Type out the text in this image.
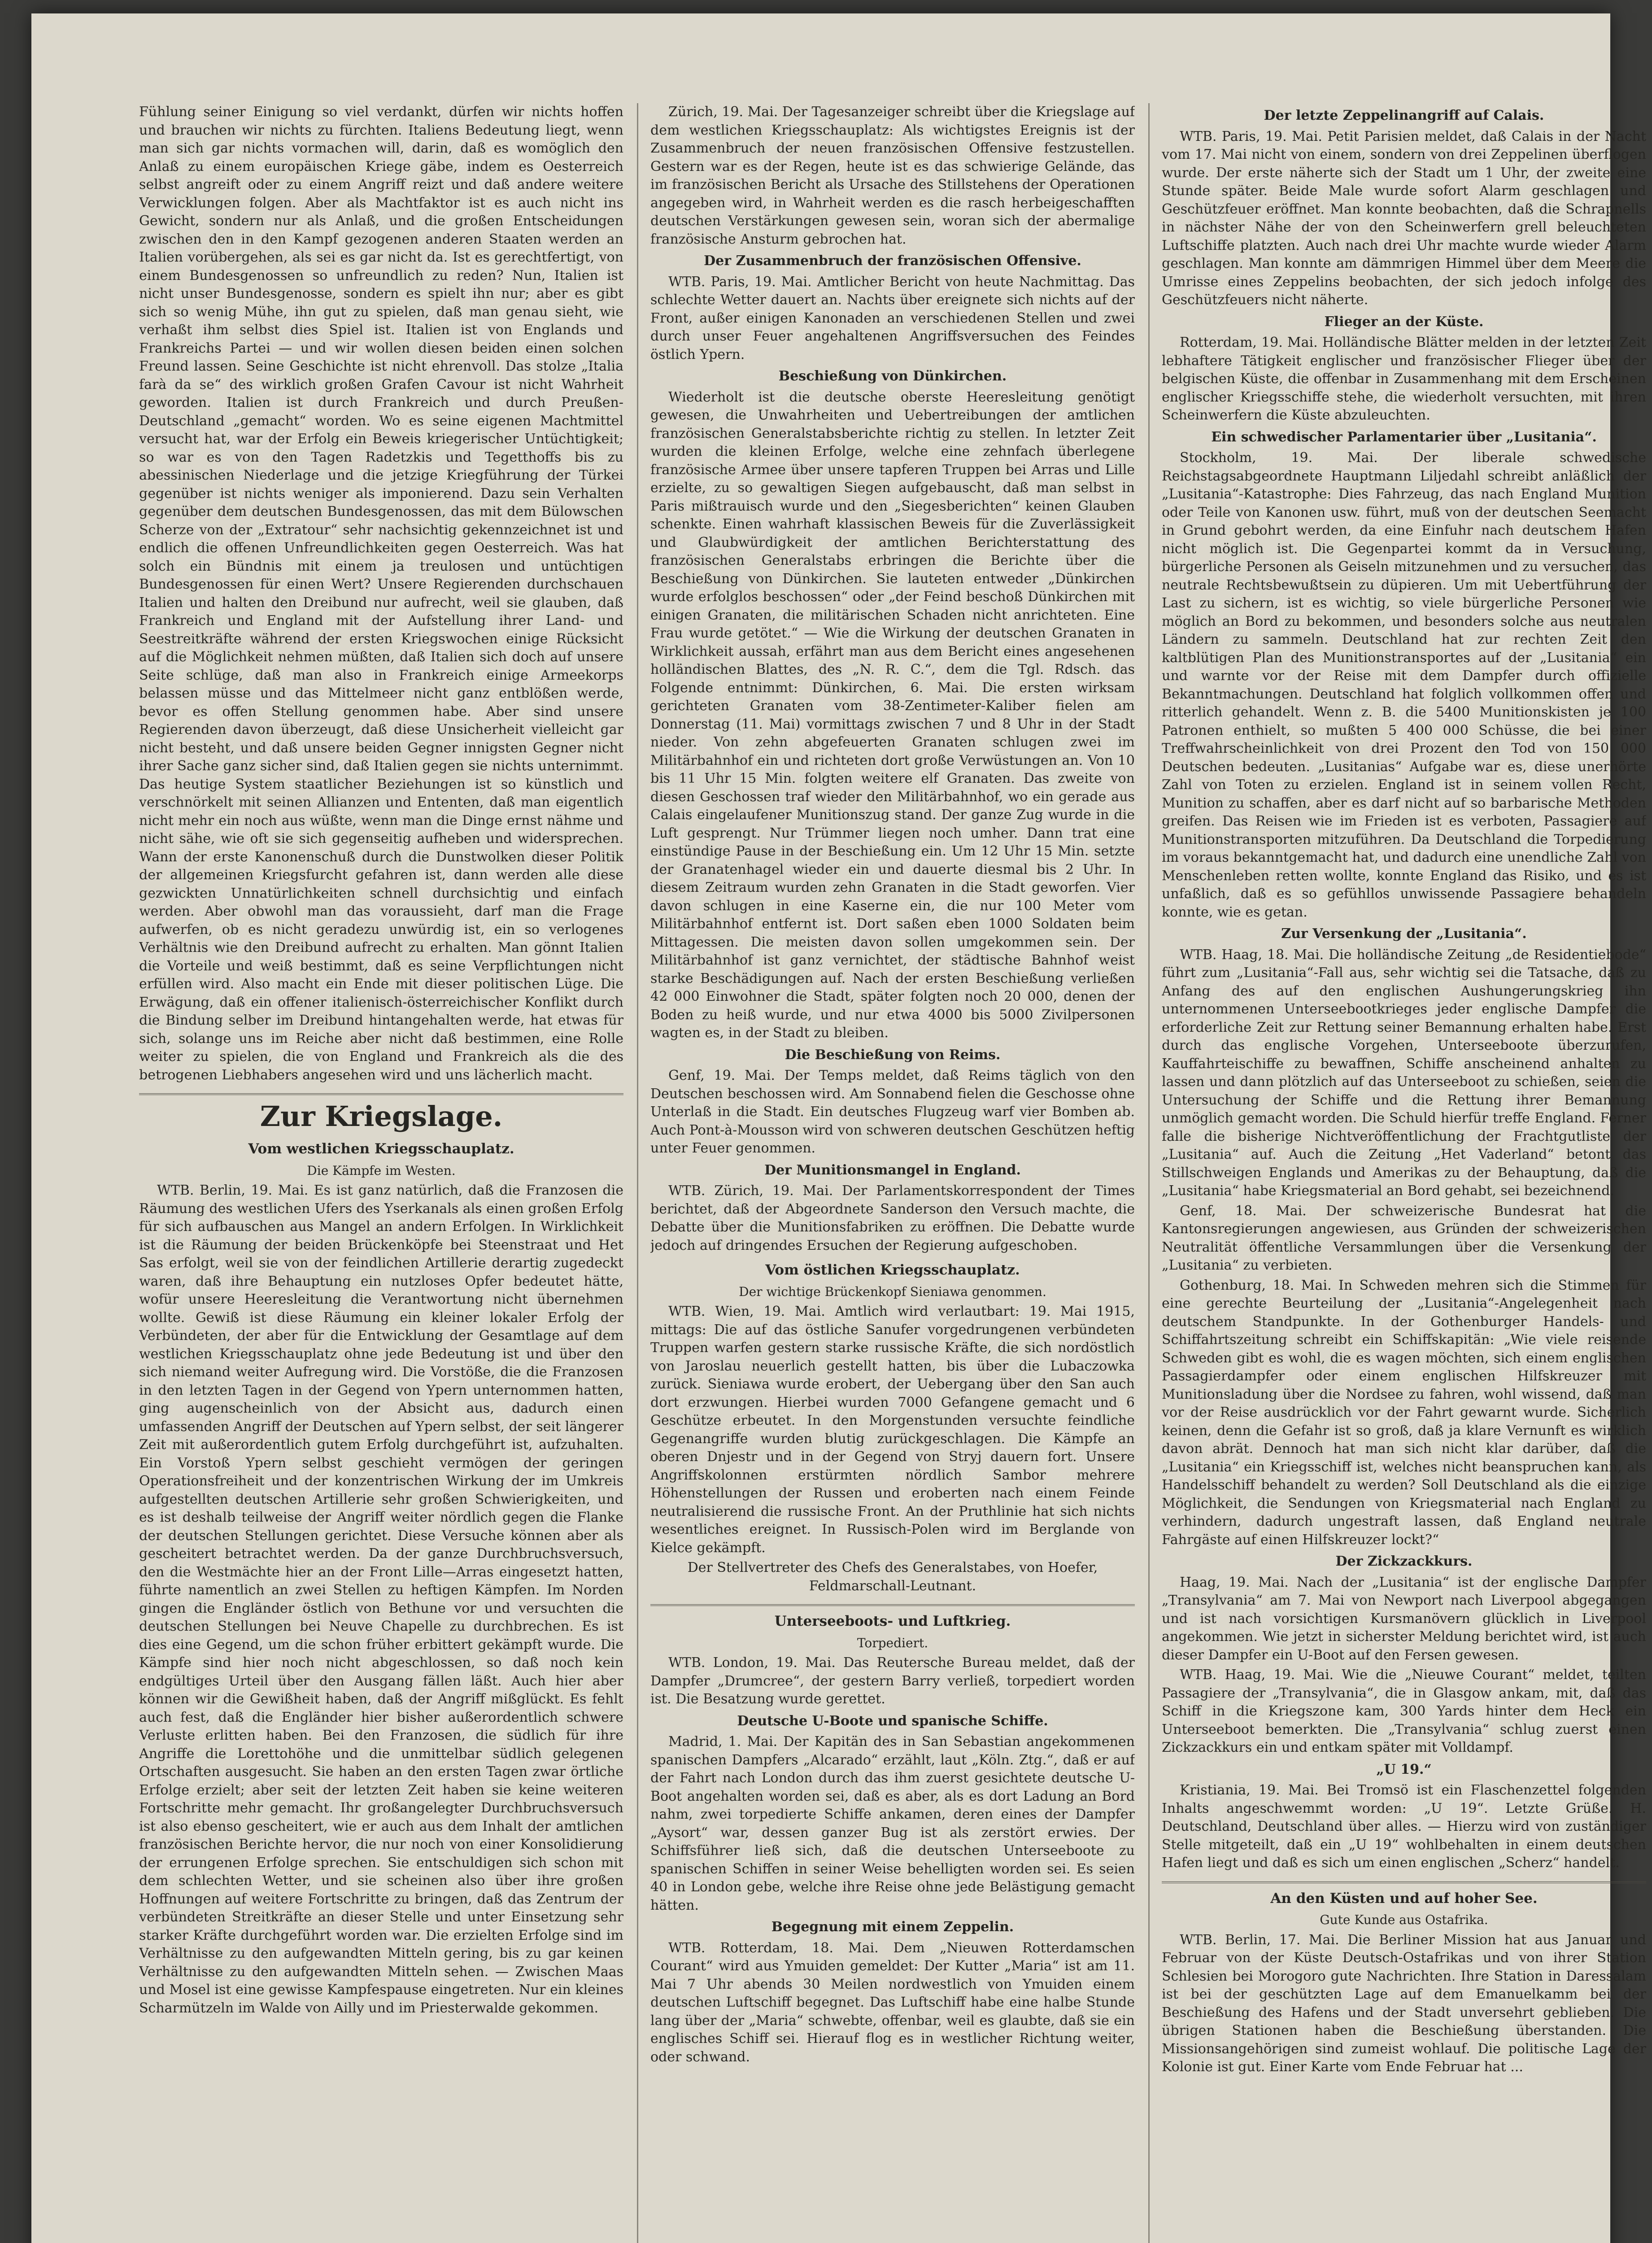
Fühlung seiner Einigung so viel verdankt, dürfen wir nichts hoffen und brauchen wir nichts zu fürchten. Italiens Bedeutung liegt, wenn man sich gar nichts vormachen will, darin, daß es womöglich den Anlaß zu einem europäischen Kriege gäbe, indem es Oesterreich selbst angreift oder zu einem Angriff reizt und daß andere weitere Verwicklungen folgen. Aber als Machtfaktor ist es auch nicht ins Gewicht, sondern nur als Anlaß, und die großen Entscheidungen zwischen den in den Kampf gezogenen anderen Staaten werden an Italien vorübergehen, als sei es gar nicht da. Ist es gerechtfertigt, von einem Bundesgenossen so unfreundlich zu reden? Nun, Italien ist nicht unser Bundesgenosse, sondern es spielt ihn nur; aber es gibt sich so wenig Mühe, ihn gut zu spielen, daß man genau sieht, wie verhaßt ihm selbst dies Spiel ist. Italien ist von Englands und Frankreichs Partei — und wir wollen diesen beiden einen solchen Freund lassen. Seine Geschichte ist nicht ehrenvoll. Das stolze „Italia farà da se“ des wirklich großen Grafen Cavour ist nicht Wahrheit geworden. Italien ist durch Frankreich und durch Preußen-Deutschland „gemacht“ worden. Wo es seine eigenen Machtmittel versucht hat, war der Erfolg ein Beweis kriegerischer Untüchtigkeit; so war es von den Tagen Radetzkis und Tegetthoffs bis zu abessinischen Niederlage und die jetzige Kriegführung der Türkei gegenüber ist nichts weniger als imponierend. Dazu sein Verhalten gegenüber dem deutschen Bundesgenossen, das mit dem Bülowschen Scherze von der „Extratour“ sehr nachsichtig gekennzeichnet ist und endlich die offenen Unfreundlichkeiten gegen Oesterreich. Was hat solch ein Bündnis mit einem ja treulosen und untüchtigen Bundesgenossen für einen Wert? Unsere Regierenden durchschauen Italien und halten den Dreibund nur aufrecht, weil sie glauben, daß Frankreich und England mit der Aufstellung ihrer Land- und Seestreitkräfte während der ersten Kriegswochen einige Rücksicht auf die Möglichkeit nehmen müßten, daß Italien sich doch auf unsere Seite schlüge, daß man also in Frankreich einige Armeekorps belassen müsse und das Mittelmeer nicht ganz entblößen werde, bevor es offen Stellung genommen habe. Aber sind unsere Regierenden davon überzeugt, daß diese Unsicherheit vielleicht gar nicht besteht, und daß unsere beiden Gegner innigsten Gegner nicht ihrer Sache ganz sicher sind, daß Italien gegen sie nichts unternimmt. Das heutige System staatlicher Beziehungen ist so künstlich und verschnörkelt mit seinen Allianzen und Ententen, daß man eigentlich nicht mehr ein noch aus wüßte, wenn man die Dinge ernst nähme und nicht sähe, wie oft sie sich gegenseitig aufheben und widersprechen. Wann der erste Kanonenschuß durch die Dunstwolken dieser Politik der allgemeinen Kriegsfurcht gefahren ist, dann werden alle diese gezwickten Unnatürlichkeiten schnell durchsichtig und einfach werden. Aber obwohl man das voraussieht, darf man die Frage aufwerfen, ob es nicht geradezu unwürdig ist, ein so verlogenes Verhältnis wie den Dreibund aufrecht zu erhalten. Man gönnt Italien die Vorteile und weiß bestimmt, daß es seine Verpflichtungen nicht erfüllen wird. Also macht ein Ende mit dieser politischen Lüge. Die Erwägung, daß ein offener italienisch-österreichischer Konflikt durch die Bindung selber im Dreibund hintangehalten werde, hat etwas für sich, solange uns im Reiche aber nicht daß bestimmen, eine Rolle weiter zu spielen, die von England und Frankreich als die des betrogenen Liebhabers angesehen wird und uns lächerlich macht.

Zur Kriegslage.
Vom westlichen Kriegsschauplatz.

Die Kämpfe im Westen.

WTB. Berlin, 19. Mai. Es ist ganz natürlich, daß die Franzosen die Räumung des westlichen Ufers des Yserkanals als einen großen Erfolg für sich aufbauschen aus Mangel an andern Erfolgen. In Wirklichkeit ist die Räumung der beiden Brückenköpfe bei Steenstraat und Het Sas erfolgt, weil sie von der feindlichen Artillerie derartig zugedeckt waren, daß ihre Behauptung ein nutzloses Opfer bedeutet hätte, wofür unsere Heeresleitung die Verantwortung nicht übernehmen wollte. Gewiß ist diese Räumung ein kleiner lokaler Erfolg der Verbündeten, der aber für die Entwicklung der Gesamtlage auf dem westlichen Kriegsschauplatz ohne jede Bedeutung ist und über den sich niemand weiter Aufregung wird. Die Vorstöße, die die Franzosen in den letzten Tagen in der Gegend von Ypern unternommen hatten, ging augenscheinlich von der Absicht aus, dadurch einen umfassenden Angriff der Deutschen auf Ypern selbst, der seit längerer Zeit mit außerordentlich gutem Erfolg durchgeführt ist, aufzuhalten. Ein Vorstoß Ypern selbst geschieht vermögen der geringen Operationsfreiheit und der konzentrischen Wirkung der im Umkreis aufgestellten deutschen Artillerie sehr großen Schwierigkeiten, und es ist deshalb teilweise der Angriff weiter nördlich gegen die Flanke der deutschen Stellungen gerichtet. Diese Versuche können aber als gescheitert betrachtet werden. Da der ganze Durchbruchsversuch, den die Westmächte hier an der Front Lille—Arras eingesetzt hatten, führte namentlich an zwei Stellen zu heftigen Kämpfen. Im Norden gingen die Engländer östlich von Bethune vor und versuchten die deutschen Stellungen bei Neuve Chapelle zu durchbrechen. Es ist dies eine Gegend, um die schon früher erbittert gekämpft wurde. Die Kämpfe sind hier noch nicht abgeschlossen, so daß noch kein endgültiges Urteil über den Ausgang fällen läßt. Auch hier aber können wir die Gewißheit haben, daß der Angriff mißglückt. Es fehlt auch fest, daß die Engländer hier bisher außerordentlich schwere Verluste erlitten haben. Bei den Franzosen, die südlich für ihre Angriffe die Lorettohöhe und die unmittelbar südlich gelegenen Ortschaften ausgesucht. Sie haben an den ersten Tagen zwar örtliche Erfolge erzielt; aber seit der letzten Zeit haben sie keine weiteren Fortschritte mehr gemacht. Ihr großangelegter Durchbruchsversuch ist also ebenso gescheitert, wie er auch aus dem Inhalt der amtlichen französischen Berichte hervor, die nur noch von einer Konsolidierung der errungenen Erfolge sprechen. Sie entschuldigen sich schon mit dem schlechten Wetter, und sie scheinen also über ihre großen Hoffnungen auf weitere Fortschritte zu bringen, daß das Zentrum der verbündeten Streitkräfte an dieser Stelle und unter Einsetzung sehr starker Kräfte durchgeführt worden war. Die erzielten Erfolge sind im Verhältnisse zu den aufgewandten Mitteln gering, bis zu gar keinen Verhältnisse zu den aufgewandten Mitteln sehen. — Zwischen Maas und Mosel ist eine gewisse Kampfespause eingetreten. Nur ein kleines Scharmützeln im Walde von Ailly und im Priesterwalde gekommen.

Zürich, 19. Mai. Der Tagesanzeiger schreibt über die Kriegslage auf dem westlichen Kriegsschauplatz: Als wichtigstes Ereignis ist der Zusammenbruch der neuen französischen Offensive festzustellen. Gestern war es der Regen, heute ist es das schwierige Gelände, das im französischen Bericht als Ursache des Stillstehens der Operationen angegeben wird, in Wahrheit werden es die rasch herbeigeschafften deutschen Verstärkungen gewesen sein, woran sich der abermalige französische Ansturm gebrochen hat.

Der Zusammenbruch der französischen Offensive.

WTB. Paris, 19. Mai. Amtlicher Bericht von heute Nachmittag. Das schlechte Wetter dauert an. Nachts über ereignete sich nichts auf der Front, außer einigen Kanonaden an verschiedenen Stellen und zwei durch unser Feuer angehaltenen Angriffsversuchen des Feindes östlich Ypern.

Beschießung von Dünkirchen.

Wiederholt ist die deutsche oberste Heeresleitung genötigt gewesen, die Unwahrheiten und Uebertreibungen der amtlichen französischen Generalstabsberichte richtig zu stellen. In letzter Zeit wurden die kleinen Erfolge, welche eine zehnfach überlegene französische Armee über unsere tapferen Truppen bei Arras und Lille erzielte, zu so gewaltigen Siegen aufgebauscht, daß man selbst in Paris mißtrauisch wurde und den „Siegesberichten“ keinen Glauben schenkte. Einen wahrhaft klassischen Beweis für die Zuverlässigkeit und Glaubwürdigkeit der amtlichen Berichterstattung des französischen Generalstabs erbringen die Berichte über die Beschießung von Dünkirchen. Sie lauteten entweder „Dünkirchen wurde erfolglos beschossen“ oder „der Feind beschoß Dünkirchen mit einigen Granaten, die militärischen Schaden nicht anrichteten. Eine Frau wurde getötet.“ — Wie die Wirkung der deutschen Granaten in Wirklichkeit aussah, erfährt man aus dem Bericht eines angesehenen holländischen Blattes, des „N. R. C.“, dem die Tgl. Rdsch. das Folgende entnimmt: Dünkirchen, 6. Mai. Die ersten wirksam gerichteten Granaten vom 38-Zentimeter-Kaliber fielen am Donnerstag (11. Mai) vormittags zwischen 7 und 8 Uhr in der Stadt nieder. Von zehn abgefeuerten Granaten schlugen zwei im Militärbahnhof ein und richteten dort große Verwüstungen an. Von 10 bis 11 Uhr 15 Min. folgten weitere elf Granaten. Das zweite von diesen Geschossen traf wieder den Militärbahnhof, wo ein gerade aus Calais eingelaufener Munitionszug stand. Der ganze Zug wurde in die Luft gesprengt. Nur Trümmer liegen noch umher. Dann trat eine einstündige Pause in der Beschießung ein. Um 12 Uhr 15 Min. setzte der Granatenhagel wieder ein und dauerte diesmal bis 2 Uhr. In diesem Zeitraum wurden zehn Granaten in die Stadt geworfen. Vier davon schlugen in eine Kaserne ein, die nur 100 Meter vom Militärbahnhof entfernt ist. Dort saßen eben 1000 Soldaten beim Mittagessen. Die meisten davon sollen umgekommen sein. Der Militärbahnhof ist ganz vernichtet, der städtische Bahnhof weist starke Beschädigungen auf. Nach der ersten Beschießung verließen 42 000 Einwohner die Stadt, später folgten noch 20 000, denen der Boden zu heiß wurde, und nur etwa 4000 bis 5000 Zivilpersonen wagten es, in der Stadt zu bleiben.

Die Beschießung von Reims.

Genf, 19. Mai. Der Temps meldet, daß Reims täglich von den Deutschen beschossen wird. Am Sonnabend fielen die Geschosse ohne Unterlaß in die Stadt. Ein deutsches Flugzeug warf vier Bomben ab. Auch Pont-à-Mousson wird von schweren deutschen Geschützen heftig unter Feuer genommen.

Der Munitionsmangel in England.

WTB. Zürich, 19. Mai. Der Parlamentskorrespondent der Times berichtet, daß der Abgeordnete Sanderson den Versuch machte, die Debatte über die Munitionsfabriken zu eröffnen. Die Debatte wurde jedoch auf dringendes Ersuchen der Regierung aufgeschoben.

Vom östlichen Kriegsschauplatz.

Der wichtige Brückenkopf Sieniawa genommen.

WTB. Wien, 19. Mai. Amtlich wird verlautbart: 19. Mai 1915, mittags: Die auf das östliche Sanufer vorgedrungenen verbündeten Truppen warfen gestern starke russische Kräfte, die sich nordöstlich von Jaroslau neuerlich gestellt hatten, bis über die Lubaczowka zurück. Sieniawa wurde erobert, der Uebergang über den San auch dort erzwungen. Hierbei wurden 7000 Gefangene gemacht und 6 Geschütze erbeutet. In den Morgenstunden versuchte feindliche Gegenangriffe wurden blutig zurückgeschlagen. Die Kämpfe an oberen Dnjestr und in der Gegend von Stryj dauern fort. Unsere Angriffskolonnen erstürmten nördlich Sambor mehrere Höhenstellungen der Russen und eroberten nach einem Feinde neutralisierend die russische Front. An der Pruthlinie hat sich nichts wesentliches ereignet. In Russisch-Polen wird im Berglande von Kielce gekämpft.

Der Stellvertreter des Chefs des Generalstabes, von Hoefer, Feldmarschall-Leutnant.

Unterseeboots- und Luftkrieg.

Torpediert.

WTB. London, 19. Mai. Das Reutersche Bureau meldet, daß der Dampfer „Drumcree“, der gestern Barry verließ, torpediert worden ist. Die Besatzung wurde gerettet.

Deutsche U-Boote und spanische Schiffe.

Madrid, 1. Mai. Der Kapitän des in San Sebastian angekommenen spanischen Dampfers „Alcarado“ erzählt, laut „Köln. Ztg.“, daß er auf der Fahrt nach London durch das ihm zuerst gesichtete deutsche U-Boot angehalten worden sei, daß es aber, als es dort Ladung an Bord nahm, zwei torpedierte Schiffe ankamen, deren eines der Dampfer „Aysort“ war, dessen ganzer Bug ist als zerstört erwies. Der Schiffsführer ließ sich, daß die deutschen Unterseeboote zu spanischen Schiffen in seiner Weise behelligten worden sei. Es seien 40 in London gebe, welche ihre Reise ohne jede Belästigung gemacht hätten.

Begegnung mit einem Zeppelin.

WTB. Rotterdam, 18. Mai. Dem „Nieuwen Rotterdamschen Courant“ wird aus Ymuiden gemeldet: Der Kutter „Maria“ ist am 11. Mai 7 Uhr abends 30 Meilen nordwestlich von Ymuiden einem deutschen Luftschiff begegnet. Das Luftschiff habe eine halbe Stunde lang über der „Maria“ schwebte, offenbar, weil es glaubte, daß sie ein englisches Schiff sei. Hierauf flog es in westlicher Richtung weiter, oder schwand.

Der letzte Zeppelinangriff auf Calais.

WTB. Paris, 19. Mai. Petit Parisien meldet, daß Calais in der Nacht vom 17. Mai nicht von einem, sondern von drei Zeppelinen überflogen wurde. Der erste näherte sich der Stadt um 1 Uhr, der zweite eine Stunde später. Beide Male wurde sofort Alarm geschlagen und Geschützfeuer eröffnet. Man konnte beobachten, daß die Schrapnells in nächster Nähe der von den Scheinwerfern grell beleuchteten Luftschiffe platzten. Auch nach drei Uhr machte wurde wieder Alarm geschlagen. Man konnte am dämmrigen Himmel über dem Meere die Umrisse eines Zeppelins beobachten, der sich jedoch infolge des Geschützfeuers nicht näherte.

Flieger an der Küste.

Rotterdam, 19. Mai. Holländische Blätter melden in der letzten Zeit lebhaftere Tätigkeit englischer und französischer Flieger über der belgischen Küste, die offenbar in Zusammenhang mit dem Erscheinen englischer Kriegsschiffe stehe, die wiederholt versuchten, mit ihren Scheinwerfern die Küste abzuleuchten.

Ein schwedischer Parlamentarier über „Lusitania“.

Stockholm, 19. Mai. Der liberale schwedische Reichstagsabgeordnete Hauptmann Liljedahl schreibt anläßlich der „Lusitania“-Katastrophe: Dies Fahrzeug, das nach England Munition oder Teile von Kanonen usw. führt, muß von der deutschen Seemacht in Grund gebohrt werden, da eine Einfuhr nach deutschem Hafen nicht möglich ist. Die Gegenpartei kommt da in Versuchung, bürgerliche Personen als Geiseln mitzunehmen und zu versuchen, das neutrale Rechtsbewußtsein zu düpieren. Um mit Uebertführung der Last zu sichern, ist es wichtig, so viele bürgerliche Personen wie möglich an Bord zu bekommen, und besonders solche aus neutralen Ländern zu sammeln. Deutschland hat zur rechten Zeit den kaltblütigen Plan des Munitionstransportes auf der „Lusitania“ ein und warnte vor der Reise mit dem Dampfer durch offizielle Bekanntmachungen. Deutschland hat folglich vollkommen offen und ritterlich gehandelt. Wenn z. B. die 5400 Munitionskisten je 100 Patronen enthielt, so mußten 5 400 000 Schüsse, die bei einer Treffwahrscheinlichkeit von drei Prozent den Tod von 150 000 Deutschen bedeuten. „Lusitanias“ Aufgabe war es, diese unerhörte Zahl von Toten zu erzielen. England ist in seinem vollen Recht, Munition zu schaffen, aber es darf nicht auf so barbarische Methoden greifen. Das Reisen wie im Frieden ist es verboten, Passagiere auf Munitionstransporten mitzuführen. Da Deutschland die Torpedierung im voraus bekanntgemacht hat, und dadurch eine unendliche Zahl von Menschenleben retten wollte, konnte England das Risiko, und es ist unfaßlich, daß es so gefühllos unwissende Passagiere behandeln konnte, wie es getan.

Zur Versenkung der „Lusitania“.

WTB. Haag, 18. Mai. Die holländische Zeitung „de Residentiebode“ führt zum „Lusitania“-Fall aus, sehr wichtig sei die Tatsache, daß zu Anfang des auf den englischen Aushungerungskrieg ihn unternommenen Unterseebootkrieges jeder englische Dampfer die erforderliche Zeit zur Rettung seiner Bemannung erhalten habe. Erst durch das englische Vorgehen, Unterseeboote überzurufen, Kauffahrteischiffe zu bewaffnen, Schiffe anscheinend anhalten zu lassen und dann plötzlich auf das Unterseeboot zu schießen, seien die Untersuchung der Schiffe und die Rettung ihrer Bemannung unmöglich gemacht worden. Die Schuld hierfür treffe England. Ferner falle die bisherige Nichtveröffentlichung der Frachtgutliste der „Lusitania“ auf. Auch die Zeitung „Het Vaderland“ betont das Stillschweigen Englands und Amerikas zu der Behauptung, daß die „Lusitania“ habe Kriegsmaterial an Bord gehabt, sei bezeichnend.

Genf, 18. Mai. Der schweizerische Bundesrat hat die Kantonsregierungen angewiesen, aus Gründen der schweizerischen Neutralität öffentliche Versammlungen über die Versenkung der „Lusitania“ zu verbieten.

Gothenburg, 18. Mai. In Schweden mehren sich die Stimmen für eine gerechte Beurteilung der „Lusitania“-Angelegenheit nach deutschem Standpunkte. In der Gothenburger Handels- und Schiffahrtszeitung schreibt ein Schiffskapitän: „Wie viele reisende Schweden gibt es wohl, die es wagen möchten, sich einem englischen Passagierdampfer oder einem englischen Hilfskreuzer mit Munitionsladung über die Nordsee zu fahren, wohl wissend, daß man vor der Reise ausdrücklich vor der Fahrt gewarnt wurde. Sicherlich keinen, denn die Gefahr ist so groß, daß ja klare Vernunft es wirklich davon abrät. Dennoch hat man sich nicht klar darüber, daß die „Lusitania“ ein Kriegsschiff ist, welches nicht beanspruchen kann, als Handelsschiff behandelt zu werden? Soll Deutschland als die einzige Möglichkeit, die Sendungen von Kriegsmaterial nach England zu verhindern, dadurch ungestraft lassen, daß England neutrale Fahrgäste auf einen Hilfskreuzer lockt?“

Der Zickzackkurs.

Haag, 19. Mai. Nach der „Lusitania“ ist der englische Dampfer „Transylvania“ am 7. Mai von Newport nach Liverpool abgegangen und ist nach vorsichtigen Kursmanövern glücklich in Liverpool angekommen. Wie jetzt in sicherster Meldung berichtet wird, ist auch dieser Dampfer ein U-Boot auf den Fersen gewesen.

WTB. Haag, 19. Mai. Wie die „Nieuwe Courant“ meldet, teilten Passagiere der „Transylvania“, die in Glasgow ankam, mit, daß das Schiff in die Kriegszone kam, 300 Yards hinter dem Heck ein Unterseeboot bemerkten. Die „Transylvania“ schlug zuerst einen Zickzackkurs ein und entkam später mit Volldampf.

„U 19.“

Kristiania, 19. Mai. Bei Tromsö ist ein Flaschenzettel folgenden Inhalts angeschwemmt worden: „U 19“. Letzte Grüße. H. Deutschland, Deutschland über alles. — Hierzu wird von zuständiger Stelle mitgeteilt, daß ein „U 19“ wohlbehalten in einem deutschen Hafen liegt und daß es sich um einen englischen „Scherz“ handelt.

An den Küsten und auf hoher See.

Gute Kunde aus Ostafrika.

WTB. Berlin, 17. Mai. Die Berliner Mission hat aus Januar und Februar von der Küste Deutsch-Ostafrikas und von ihrer Station Schlesien bei Morogoro gute Nachrichten. Ihre Station in Daressalam ist bei der geschützten Lage auf dem Emanuelkamm bei der Beschießung des Hafens und der Stadt unversehrt geblieben. Die übrigen Stationen haben die Beschießung überstanden. Die Missionsangehörigen sind zumeist wohlauf. Die politische Lage der Kolonie ist gut. Einer Karte vom Ende Februar hat ...
